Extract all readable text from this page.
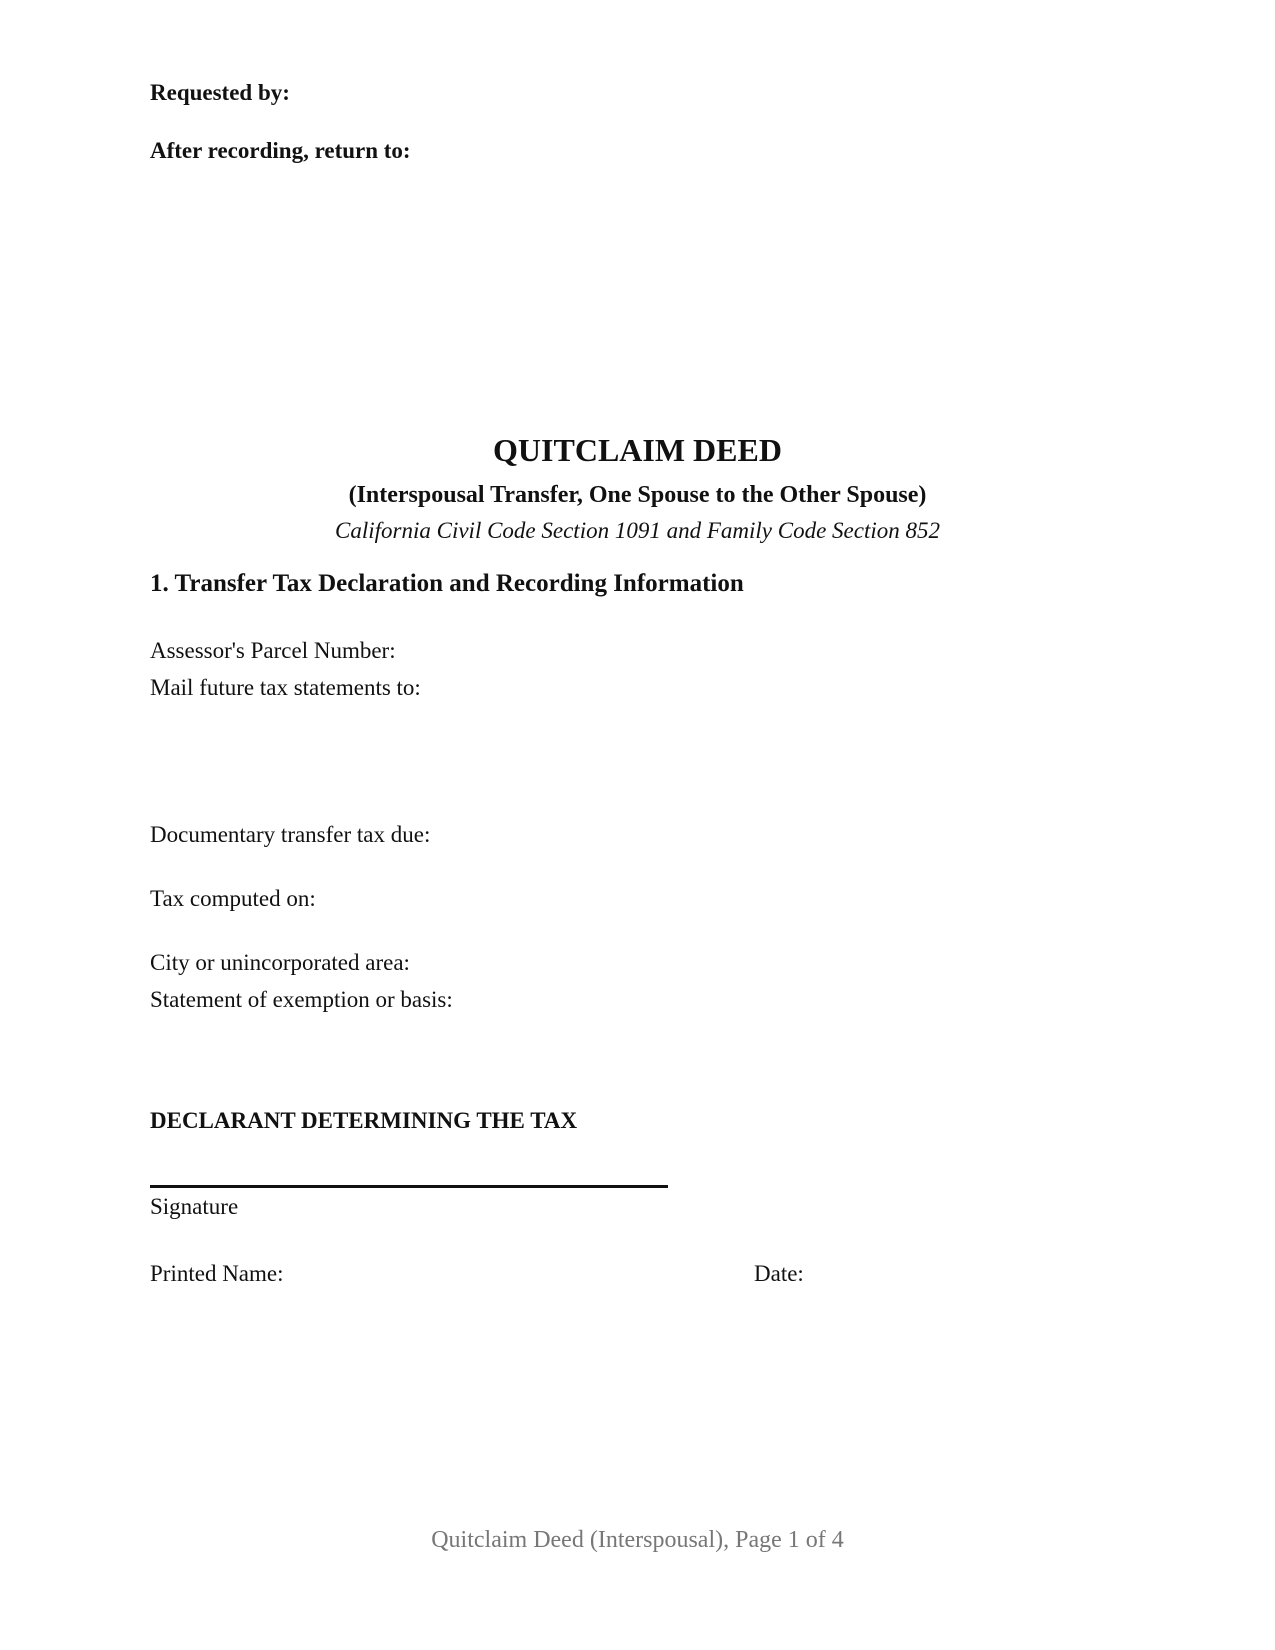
Requested by:
After recording, return to:
QUITCLAIM DEED
(Interspousal Transfer, One Spouse to the Other Spouse)
California Civil Code Section 1091 and Family Code Section 852
1. Transfer Tax Declaration and Recording Information
Assessor's Parcel Number:
Mail future tax statements to:
Documentary transfer tax due:
Tax computed on:
City or unincorporated area:
Statement of exemption or basis:
DECLARANT DETERMINING THE TAX
Signature
Printed Name:	Date:
Quitclaim Deed (Interspousal), Page 1 of 4
